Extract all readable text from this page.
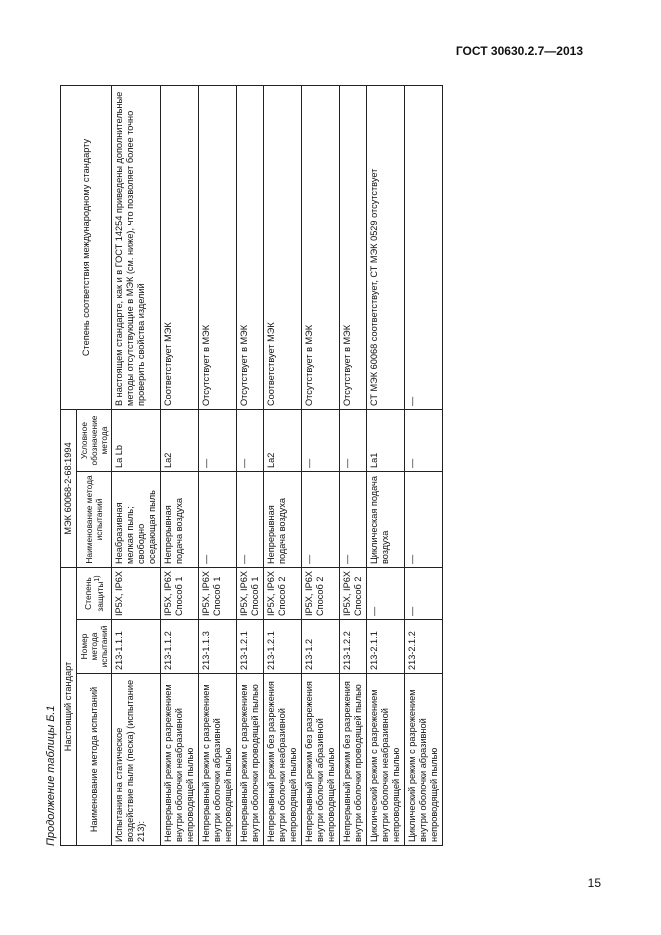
ГОСТ 30630.2.7—2013
Продолжение таблицы Б.1 Настоящий стандарт			МЭК 60068-2-68:1994		Степень соответствия международному стандарту
Наименование метода испытаний	Номер метода испытаний	Степень защиты$^{1)}$	Наименование метода испытаний	Условное обозначение метода	
Испытания на статическое воздействие пыли (песка) (испытание 213):	213-1.1.1	IP5X, IP6X	Неабразивная мелкая пыль; свободно оседающая пыль	La Lb	В настоящем стандарте, как и в ГОСТ 14254 приведены дополнительные методы отсутствующие в МЭК (см. ниже), что позволяет более точно проверить свойства изделий
Непрерывный режим с разрежением внутри оболочки неабразивной непроводящей пылью	213-1.1.2	IP5X, IP6X Способ 1	Непрерывная подача воздуха	La2	Соответствует МЭК
Непрерывный режим с разрежением внутри оболочки абразивной непроводящей пылью	213-1.1.3	IP5X, IP6X Способ 1	—	—	Отсутствует в МЭК
Непрерывный режим с разрежением внутри оболочки проводящей пылью	213-1.2.1	IP5X, IP6X Способ 1	—	—	Отсутствует в МЭК
Непрерывный режим без разрежения внутри оболочки неабразивной непроводящей пылью	213-1.2.1	IP5X, IP6X Способ 2	Непрерывная подача воздуха	La2	Соответствует МЭК
Непрерывный режим без разрежения внутри оболочки абразивной непроводящей пылью	213-1.2	IP5X, IP6X Способ 2	—	—	Отсутствует в МЭК
Непрерывный режим без разрежения внутри оболочки проводящей пылью	213-1.2.2	IP5X, IP6X Способ 2	—	—	Отсутствует в МЭК
Циклический режим с разрежением внутри оболочки неабразивной непроводящей пылью	213-2.1.1	—	Циклическая подача воздуха	La1	СТ МЭК 60068 соответствует, СТ МЭК 0529 отсутствует
Циклический режим с разрежением внутри оболочки абразивной непроводящей пылью	213-2.1.2	—	—	—	—
15
